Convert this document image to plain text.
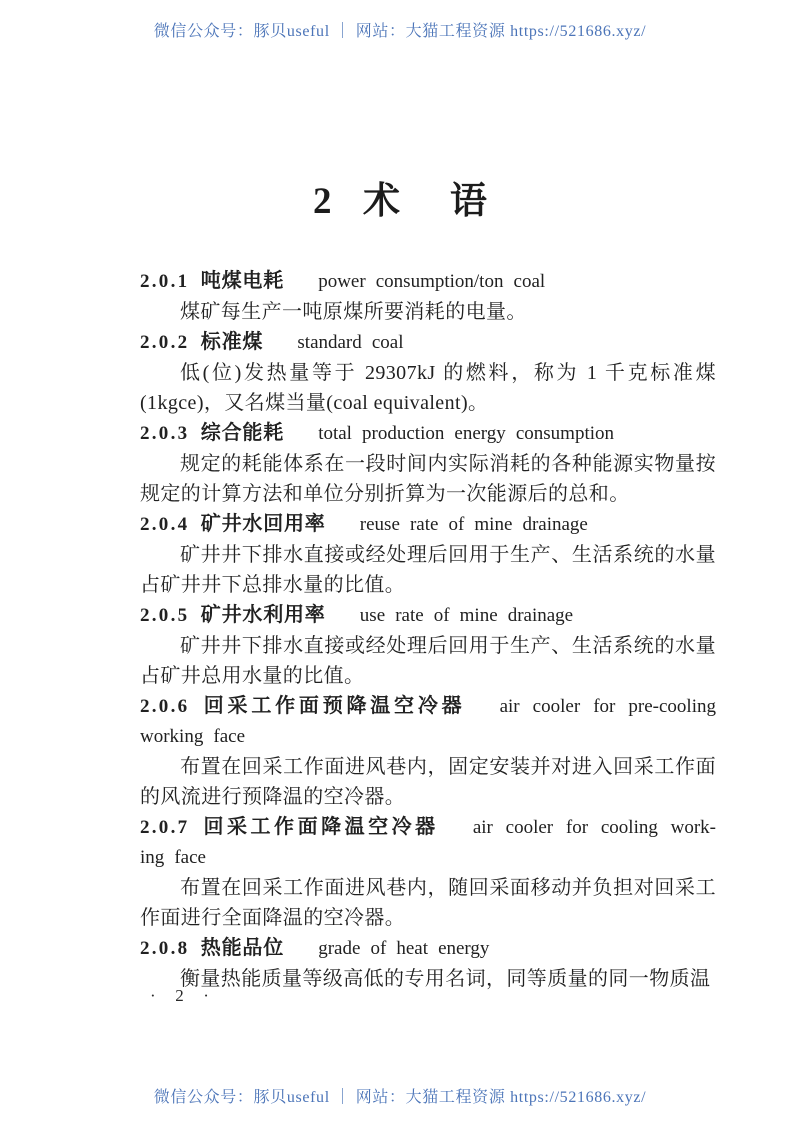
微信公众号：豚贝useful ｜ 网站：大猫工程资源 https://521686.xyz/
2 术语

2.0.1 吨煤电耗 power consumption/ton coal

煤矿每生产一吨原煤所要消耗的电量。

2.0.2 标准煤 standard coal

低(位)发热量等于 29307kJ 的燃料，称为 1 千克标准煤(1kgce)，又名煤当量(coal equivalent)。

2.0.3 综合能耗 total production energy consumption

规定的耗能体系在一段时间内实际消耗的各种能源实物量按规定的计算方法和单位分别折算为一次能源后的总和。

2.0.4 矿井水回用率 reuse rate of mine drainage

矿井井下排水直接或经处理后回用于生产、生活系统的水量占矿井井下总排水量的比值。

2.0.5 矿井水利用率 use rate of mine drainage

矿井井下排水直接或经处理后回用于生产、生活系统的水量占矿井总用水量的比值。

2.0.6 回采工作面预降温空冷器 air cooler for pre-cooling

working face

布置在回采工作面进风巷内，固定安装并对进入回采工作面的风流进行预降温的空冷器。

2.0.7 回采工作面降温空冷器 air cooler for cooling work-

ing face

布置在回采工作面进风巷内，随回采面移动并负担对回采工作面进行全面降温的空冷器。

2.0.8 热能品位 grade of heat energy

衡量热能质量等级高低的专用名词，同等质量的同一物质温

· 2 ·
微信公众号：豚贝useful ｜ 网站：大猫工程资源 https://521686.xyz/
